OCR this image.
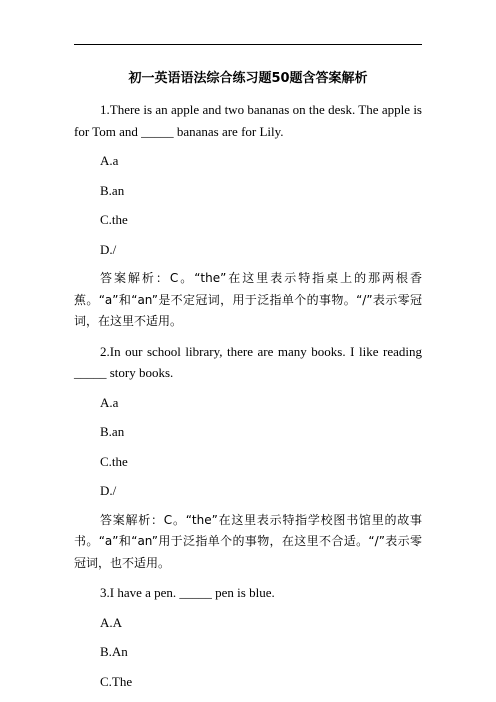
初一英语语法综合练习题50题含答案解析

1.There is an apple and two bananas on the desk. The apple is for Tom and _____ bananas are for Lily.

A.a

B.an

C.the

D./

答案解析：C。“the”在这里表示特指桌上的那两根香蕉。“a”和“an”是不定冠词，用于泛指单个的事物。“/”表示零冠词，在这里不适用。

2.In our school library, there are many books. I like reading _____ story books.

A.a

B.an

C.the

D./

答案解析：C。“the”在这里表示特指学校图书馆里的故事书。“a”和“an”用于泛指单个的事物，在这里不合适。“/”表示零冠词，也不适用。

3.I have a pen. _____ pen is blue.

A.A

B.An

C.The
